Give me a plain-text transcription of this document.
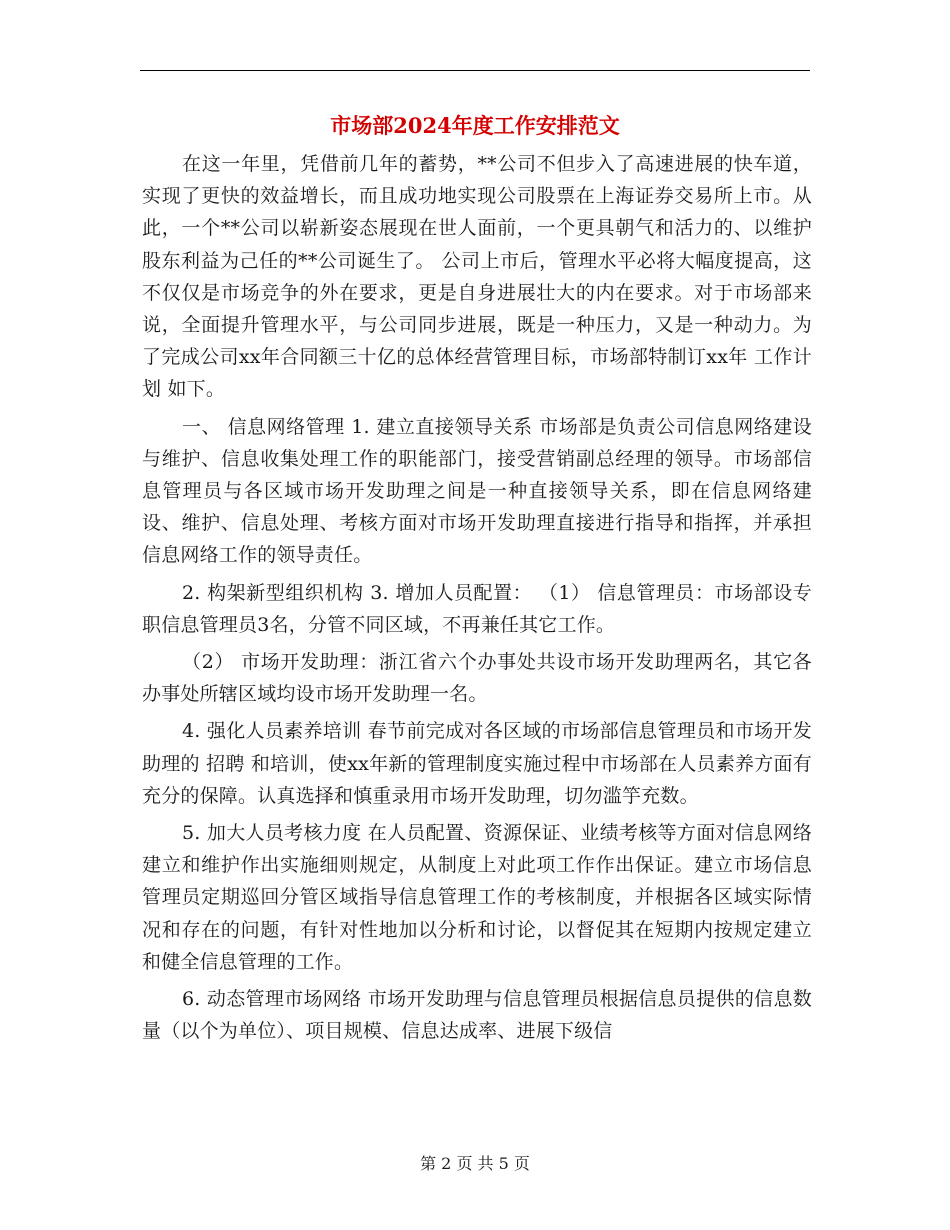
市场部2024年度工作安排范文

在这一年里，凭借前几年的蓄势，**公司不但步入了高速进展的快车道，实现了更快的效益增长，而且成功地实现公司股票在上海证券交易所上市。从此，一个**公司以崭新姿态展现在世人面前，一个更具朝气和活力的、以维护股东利益为己任的**公司诞生了。 公司上市后，管理水平必将大幅度提高，这不仅仅是市场竞争的外在要求，更是自身进展壮大的内在要求。对于市场部来说，全面提升管理水平，与公司同步进展，既是一种压力，又是一种动力。为了完成公司xx年合同额三十亿的总体经营管理目标，市场部特制订xx年 工作计划 如下。

一、 信息网络管理 1. 建立直接领导关系 市场部是负责公司信息网络建设与维护、信息收集处理工作的职能部门，接受营销副总经理的领导。市场部信息管理员与各区域市场开发助理之间是一种直接领导关系，即在信息网络建设、维护、信息处理、考核方面对市场开发助理直接进行指导和指挥，并承担信息网络工作的领导责任。

2. 构架新型组织机构 3. 增加人员配置： （1） 信息管理员：市场部设专职信息管理员3名，分管不同区域，不再兼任其它工作。

（2） 市场开发助理：浙江省六个办事处共设市场开发助理两名，其它各办事处所辖区域均设市场开发助理一名。

4. 强化人员素养培训 春节前完成对各区域的市场部信息管理员和市场开发助理的 招聘 和培训，使xx年新的管理制度实施过程中市场部在人员素养方面有充分的保障。认真选择和慎重录用市场开发助理，切勿滥竽充数。

5. 加大人员考核力度 在人员配置、资源保证、业绩考核等方面对信息网络建立和维护作出实施细则规定，从制度上对此项工作作出保证。建立市场信息管理员定期巡回分管区域指导信息管理工作的考核制度，并根据各区域实际情况和存在的问题，有针对性地加以分析和讨论，以督促其在短期内按规定建立和健全信息管理的工作。

6. 动态管理市场网络 市场开发助理与信息管理员根据信息员提供的信息数量（以个为单位）、项目规模、信息达成率、进展下级信

第 2 页 共 5 页
